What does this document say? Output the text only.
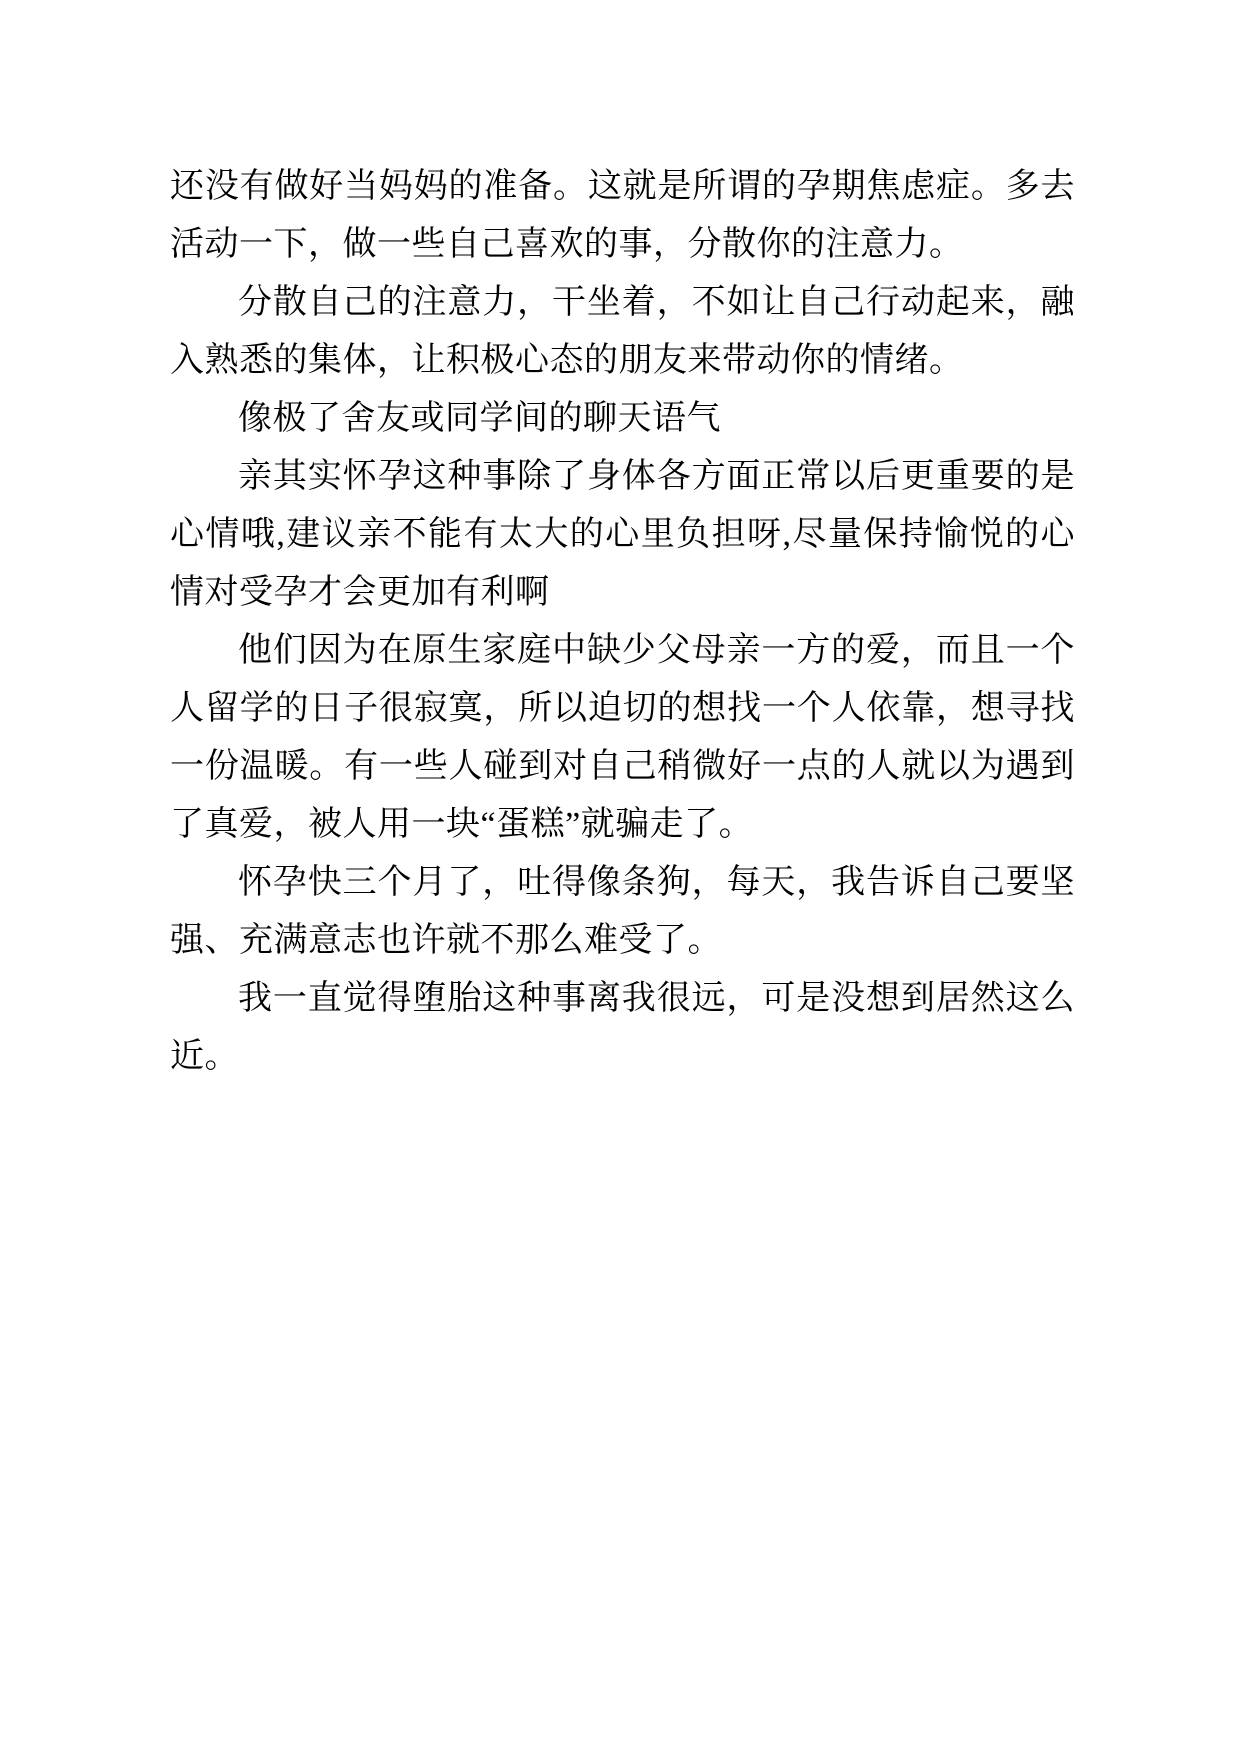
还没有做好当妈妈的准备。这就是所谓的孕期焦虑症。多去活动一下，做一些自己喜欢的事，分散你的注意力。

分散自己的注意力，干坐着，不如让自己行动起来，融入熟悉的集体，让积极心态的朋友来带动你的情绪。

像极了舍友或同学间的聊天语气

亲其实怀孕这种事除了身体各方面正常以后更重要的是心情哦,建议亲不能有太大的心里负担呀,尽量保持愉悦的心情对受孕才会更加有利啊

他们因为在原生家庭中缺少父母亲一方的爱，而且一个人留学的日子很寂寞，所以迫切的想找一个人依靠，想寻找一份温暖。有一些人碰到对自己稍微好一点的人就以为遇到了真爱，被人用一块“蛋糕”就骗走了。

怀孕快三个月了，吐得像条狗，每天，我告诉自己要坚强、充满意志也许就不那么难受了。

我一直觉得堕胎这种事离我很远，可是没想到居然这么近。
